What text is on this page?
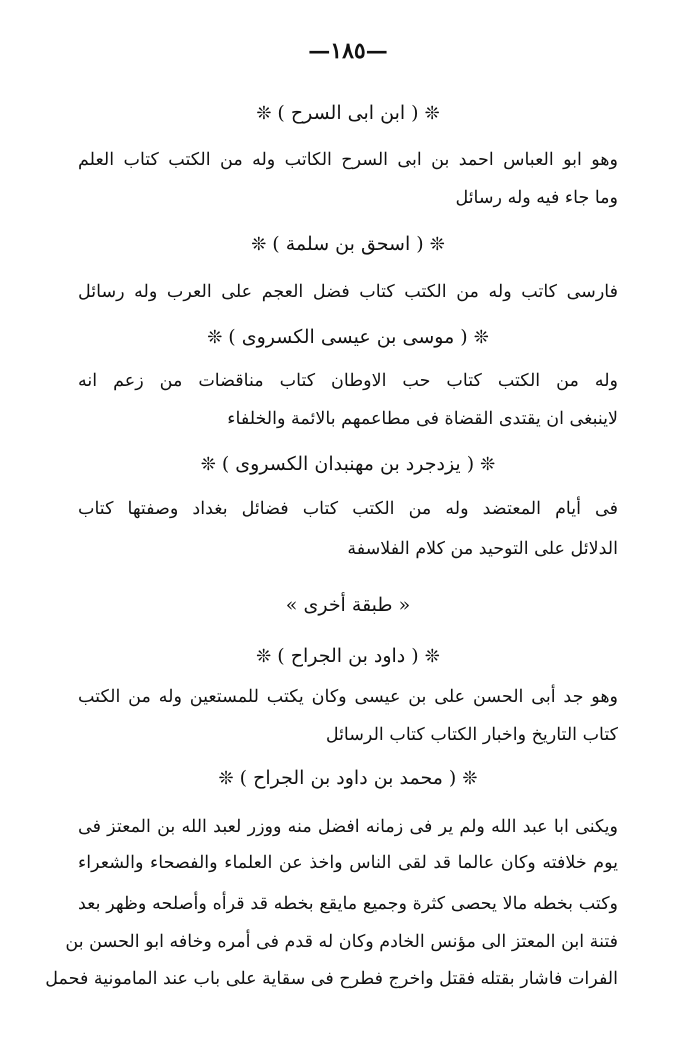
—١٨٥—
❊( ابن ابى السرح )❊
وهو ابو العباس احمد بن ابى السرح الكاتب وله من الكتب كتاب العلم
وما جاء فيه وله رسائل
❊( اسحق بن سلمة )❊
فارسى كاتب وله من الكتب كتاب فضل العجم على العرب وله رسائل
❊( موسى بن عيسى الكسروى )❊
وله من الكتب كتاب حب الاوطان كتاب مناقضات من زعم انه
لاينبغى ان يقتدى القضاة فى مطاعمهم بالائمة والخلفاء
❊( يزدجرد بن مهنبدان الكسروى )❊
فى أيام المعتضد وله من الكتب كتاب فضائل بغداد وصفتها كتاب
الدلائل على التوحيد من كلام الفلاسفة
« طبقة أخرى »
❊( داود بن الجراح )❊
وهو جد أبى الحسن على بن عيسى وكان يكتب للمستعين وله من الكتب
كتاب التاريخ واخبار الكتاب كتاب الرسائل
❊( محمد بن داود بن الجراح )❊
ويكنى ابا عبد الله ولم ير فى زمانه افضل منه ووزر لعبد الله بن المعتز فى
يوم خلافته وكان عالما قد لقى الناس واخذ عن العلماء والفصحاء والشعراء
وكتب بخطه مالا يحصى كثرة وجميع مايقع بخطه قد قرأه وأصلحه وظهر بعد
فتنة ابن المعتز الى مؤنس الخادم وكان له قدم فى أمره وخافه ابو الحسن بن
الفرات فاشار بقتله فقتل واخرج فطرح فى سقاية على باب عند المامونية فحمل
